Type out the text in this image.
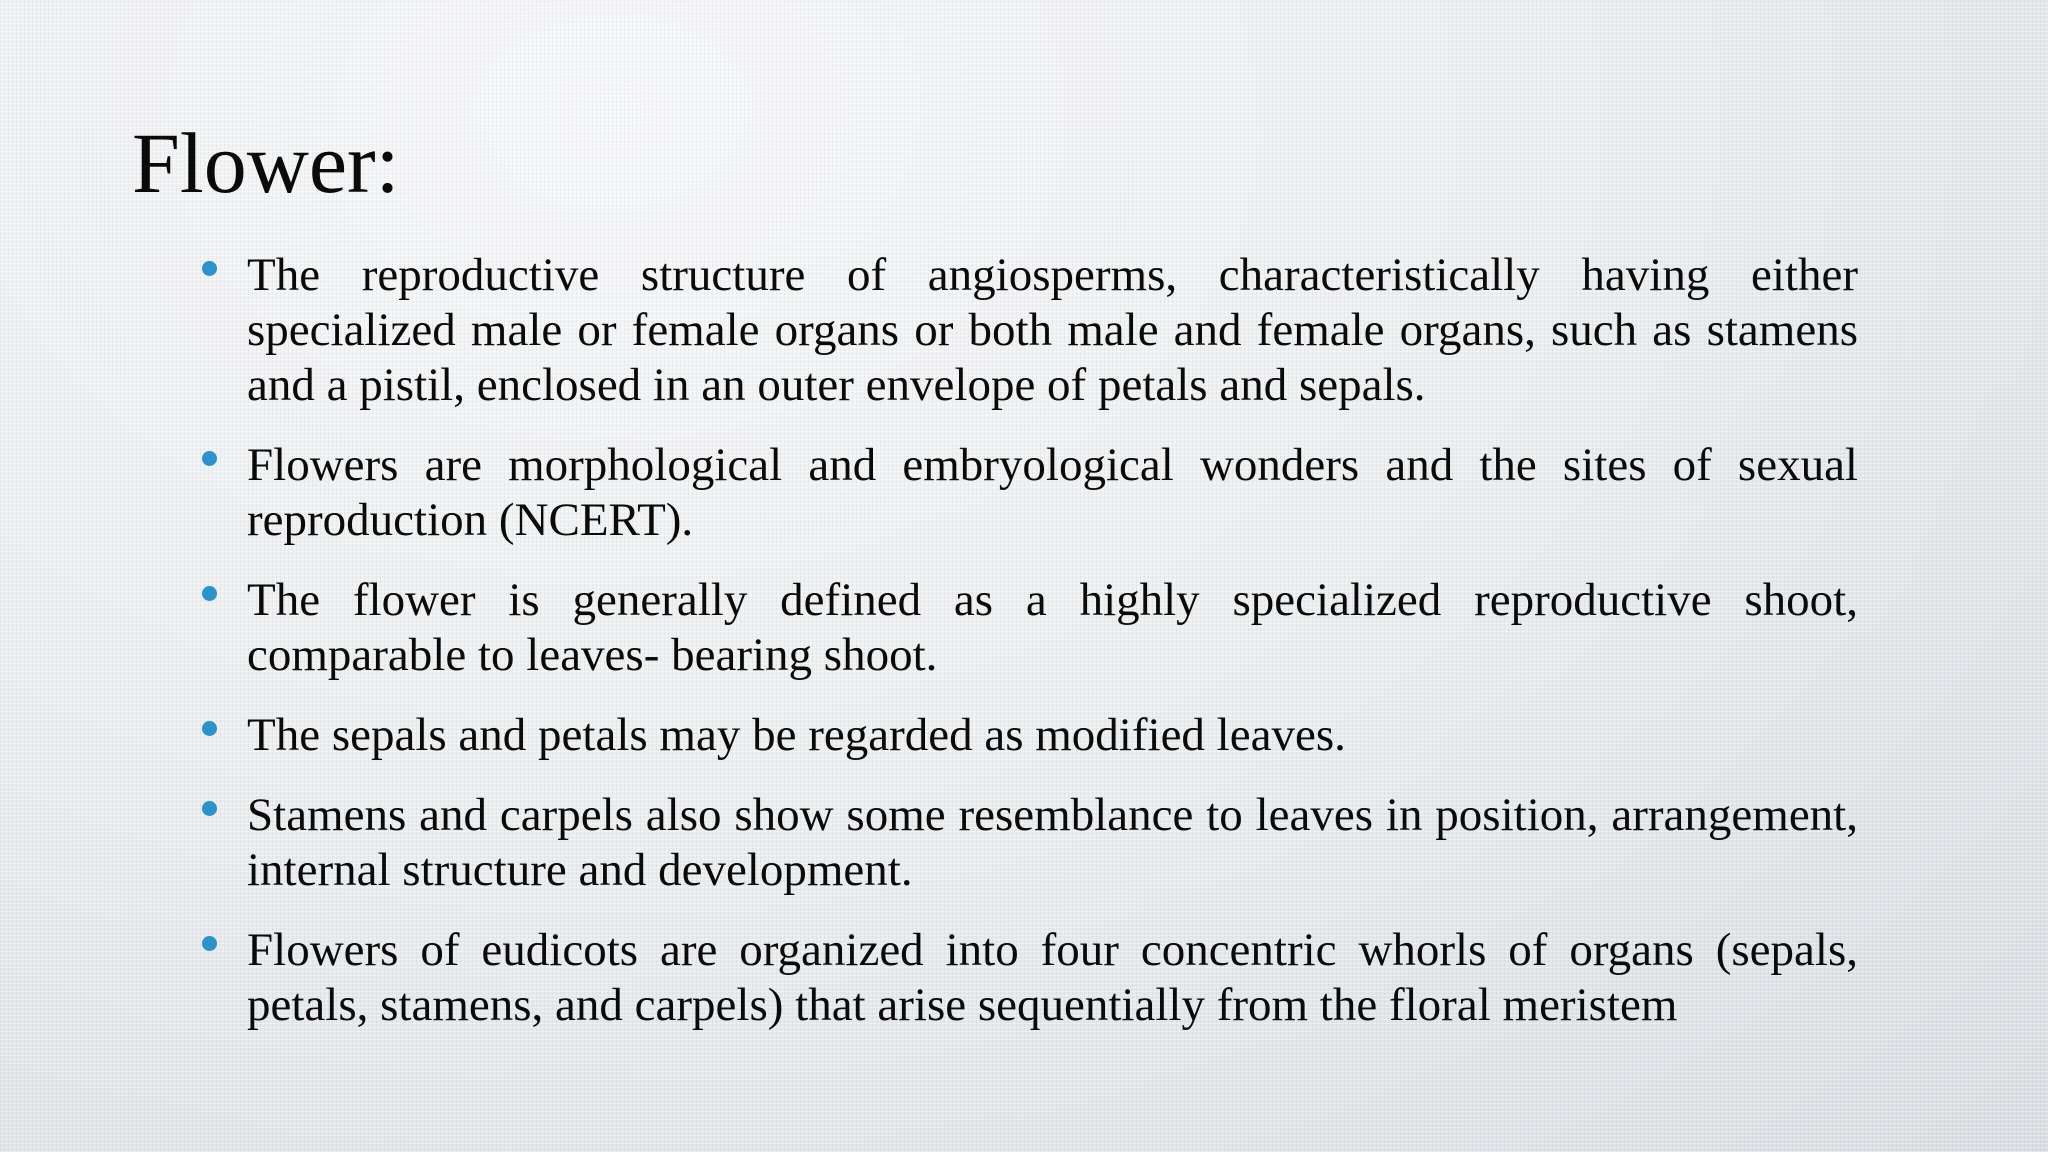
Flower:
The reproductive structure of angiosperms, characteristically having either specialized male or female organs or both male and female organs, such as stamens and a pistil, enclosed in an outer envelope of petals and sepals.
Flowers are morphological and embryological wonders and the sites of sexual reproduction (NCERT).
The flower is generally defined as a highly specialized reproductive shoot, comparable to leaves- bearing shoot.
The sepals and petals may be regarded as modified leaves.
Stamens and carpels also show some resemblance to leaves in position, arrangement, internal structure and development.
Flowers of eudicots are organized into four concentric whorls of organs (sepals, petals, stamens, and carpels) that arise sequentially from the floral meristem
